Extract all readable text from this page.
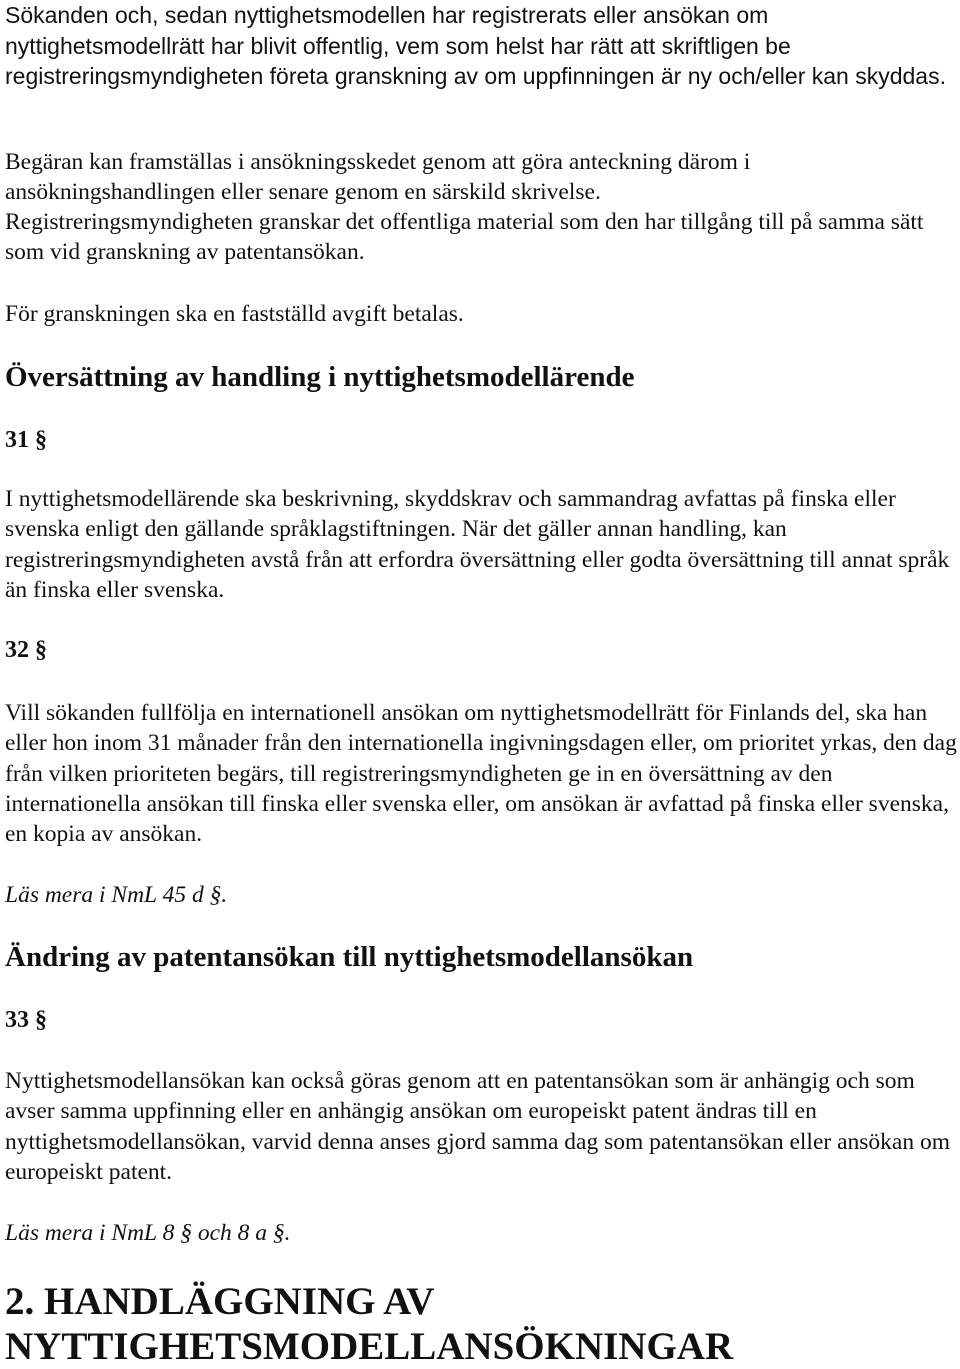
Sökanden och, sedan nyttighetsmodellen har registrerats eller ansökan om nyttighetsmodellrätt har blivit offentlig, vem som helst har rätt att skriftligen be registreringsmyndigheten företa granskning av om uppfinningen är ny och/eller kan skyddas.

Begäran kan framställas i ansökningsskedet genom att göra anteckning därom i ansökningshandlingen eller senare genom en särskild skrivelse.

Registreringsmyndigheten granskar det offentliga material som den har tillgång till på samma sätt som vid granskning av patentansökan.

För granskningen ska en fastställd avgift betalas.

Översättning av handling i nyttighetsmodellärende

31 §

I nyttighetsmodellärende ska beskrivning, skyddskrav och sammandrag avfattas på finska eller svenska enligt den gällande språklagstiftningen. När det gäller annan handling, kan registreringsmyndigheten avstå från att erfordra översättning eller godta översättning till annat språk än finska eller svenska.

32 §

Vill sökanden fullfölja en internationell ansökan om nyttighetsmodellrätt för Finlands del, ska han eller hon inom 31 månader från den internationella ingivningsdagen eller, om prioritet yrkas, den dag från vilken prioriteten begärs, till registreringsmyndigheten ge in en översättning av den internationella ansökan till finska eller svenska eller, om ansökan är avfattad på finska eller svenska, en kopia av ansökan.

Läs mera i NmL 45 d §.

Ändring av patentansökan till nyttighetsmodellansökan

33 §

Nyttighetsmodellansökan kan också göras genom att en patentansökan som är anhängig och som avser samma uppfinning eller en anhängig ansökan om europeiskt patent ändras till en nyttighetsmodellansökan, varvid denna anses gjord samma dag som patentansökan eller ansökan om europeiskt patent.

Läs mera i NmL 8 § och 8 a §.

2. HANDLÄGGNING AV
NYTTIGHETSMODELLANSÖKNINGAR
